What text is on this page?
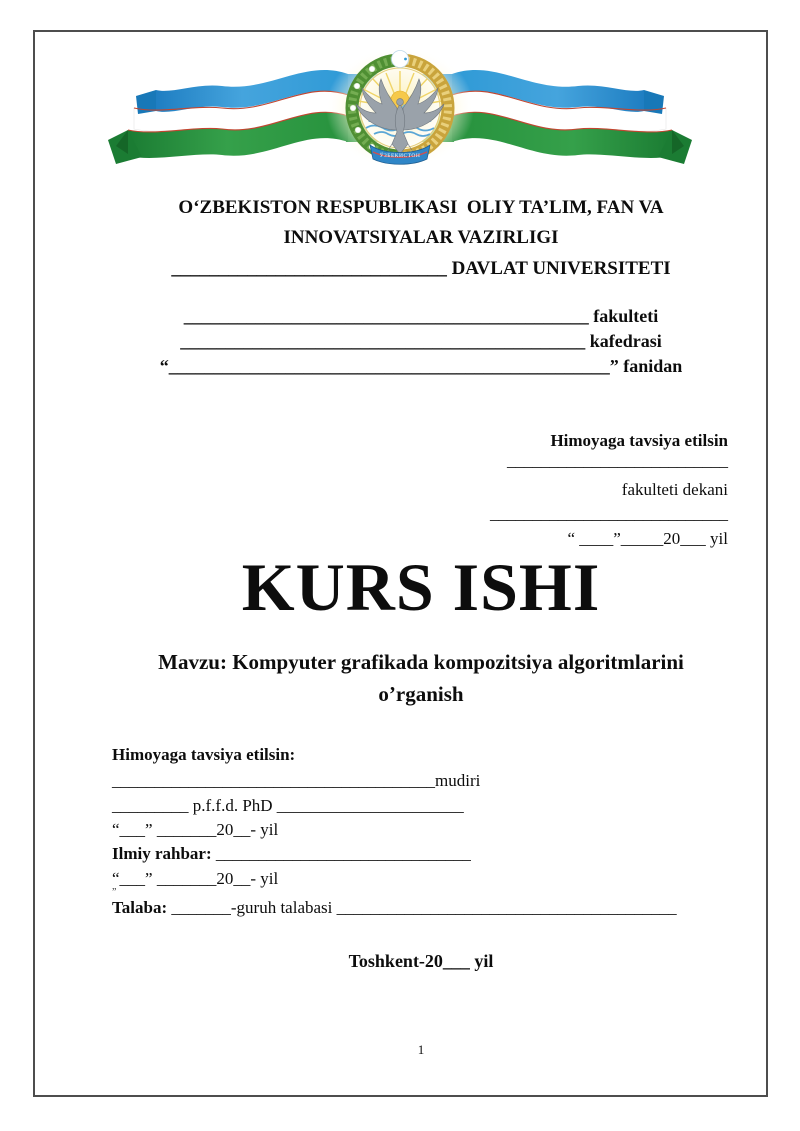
ЎЗБЕКИСТОН
O‘ZBEKISTON RESPUBLIKASI  OLIY TA’LIM, FAN VA
INNOVATSIYALAR VAZIRLIGI
_____________________________ DAVLAT UNIVERSITETI
_____________________________________________ fakulteti
_____________________________________________ kafedrasi
“_________________________________________________” fanidan
Himoyaga tavsiya etilsin
__________________________
fakulteti dekani
____________________________
“ ____”_____20___ yil
KURS ISHI
Mavzu: Kompyuter grafikada kompozitsiya algoritmlarini
o’rganish
Himoyaga tavsiya etilsin:
______________________________________mudiri
_________ p.f.f.d. PhD ______________________
“___” _______20__- yil
Ilmiy rahbar: ______________________________
“___” _______20__- yil
”
Talaba: _______-guruh talabasi ________________________________________
Toshkent-20___ yil
1
